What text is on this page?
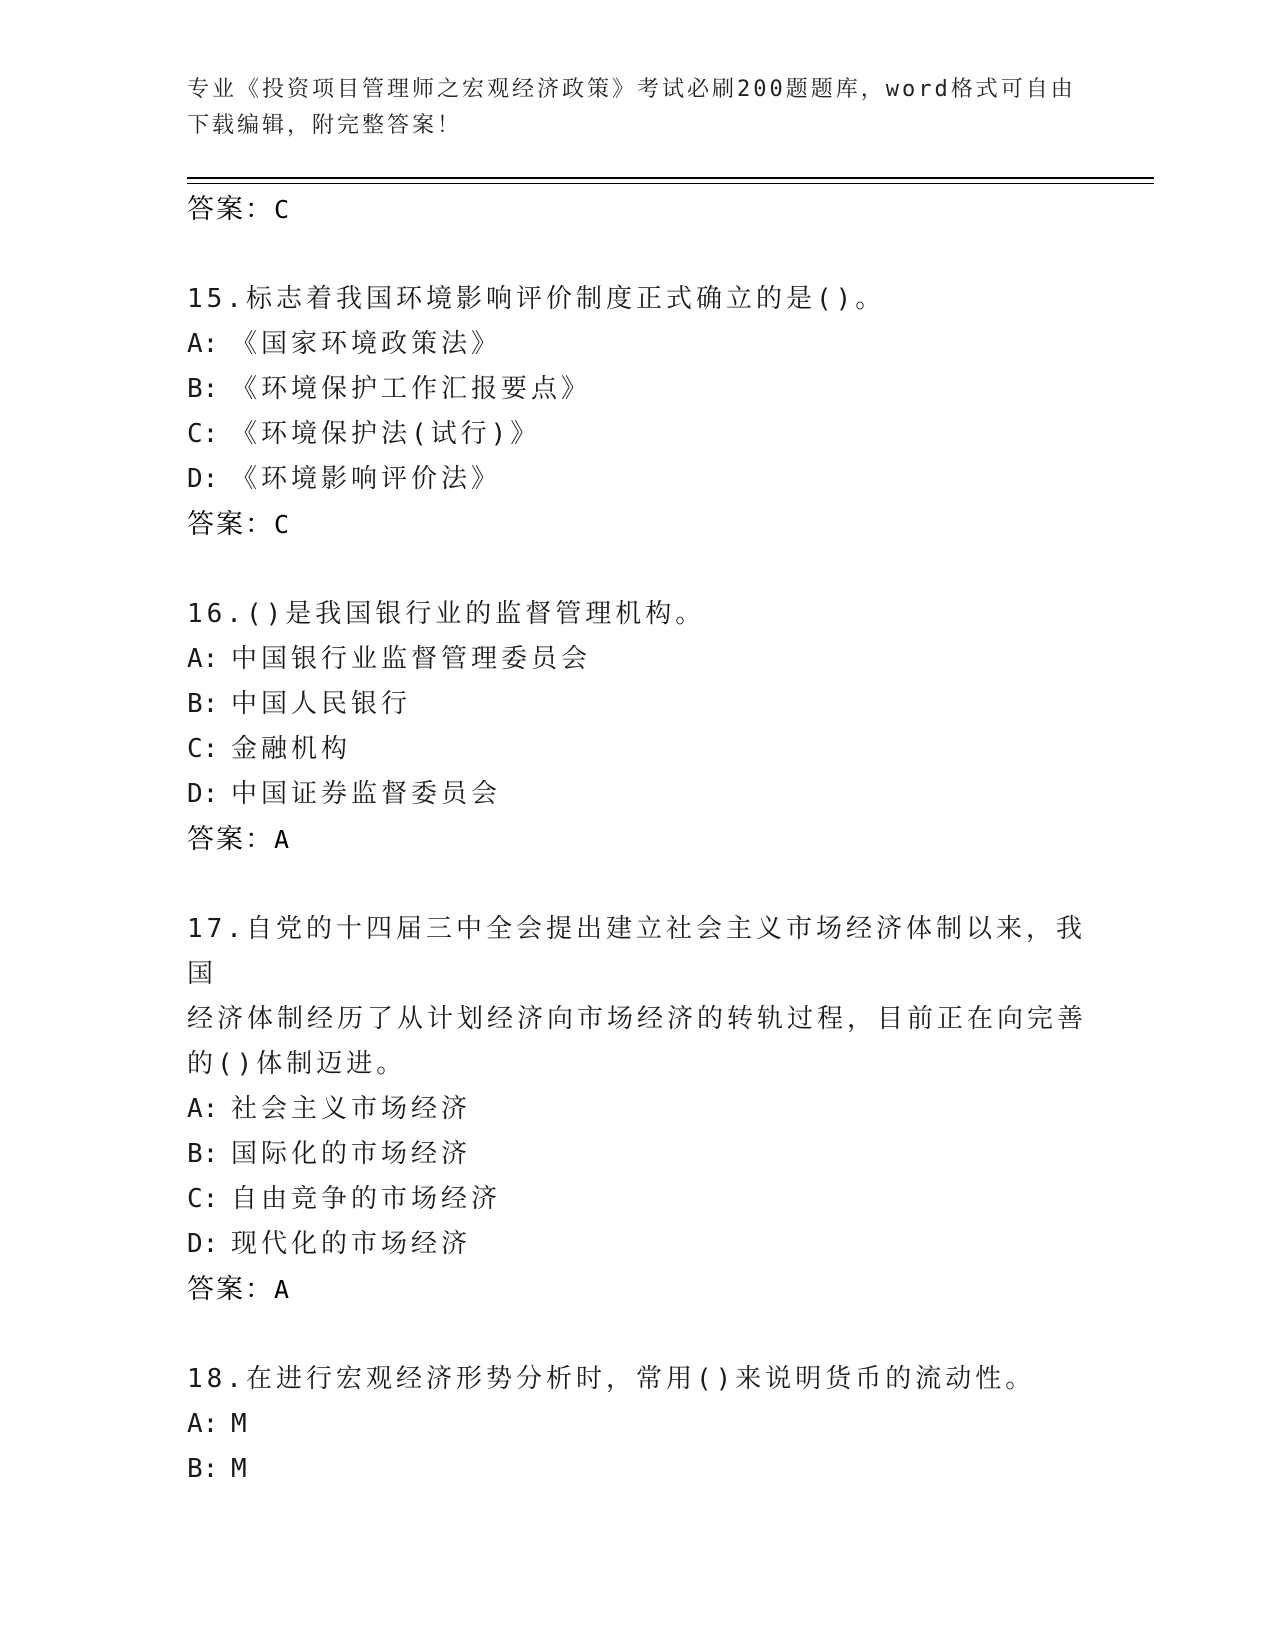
专业《投资项目管理师之宏观经济政策》考试必刷200题题库，word格式可自由
下载编辑，附完整答案！
答案：C
15.标志着我国环境影响评价制度正式确立的是()。
A: 《国家环境政策法》
B: 《环境保护工作汇报要点》
C: 《环境保护法(试行)》
D: 《环境影响评价法》
答案：C
16.()是我国银行业的监督管理机构。
A: 中国银行业监督管理委员会
B: 中国人民银行
C: 金融机构
D: 中国证券监督委员会
答案：A
17.自党的十四届三中全会提出建立社会主义市场经济体制以来，我国
经济体制经历了从计划经济向市场经济的转轨过程，目前正在向完善
的()体制迈进。
A: 社会主义市场经济
B: 国际化的市场经济
C: 自由竞争的市场经济
D: 现代化的市场经济
答案：A
18.在进行宏观经济形势分析时，常用()来说明货币的流动性。
A: M
B: M
